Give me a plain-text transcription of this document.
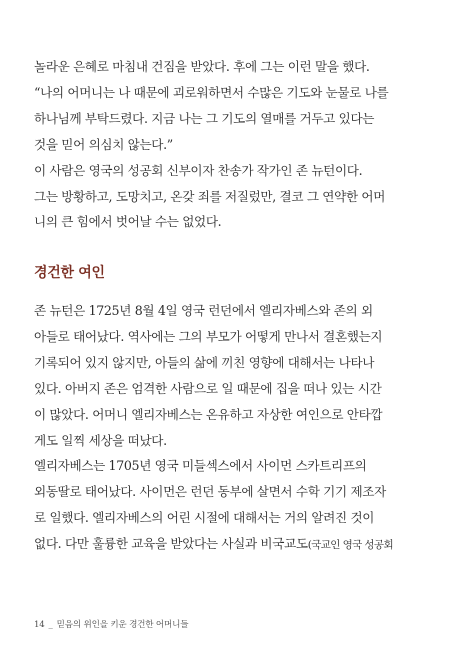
놀라운 은혜로 마침내 건짐을 받았다. 후에 그는 이런 말을 했다.
“나의 어머니는 나 때문에 괴로워하면서 수많은 기도와 눈물로 나를
하나님께 부탁드렸다. 지금 나는 그 기도의 열매를 거두고 있다는
것을 믿어 의심치 않는다.”
이 사람은 영국의 성공회 신부이자 찬송가 작가인 존 뉴턴이다.
그는 방황하고, 도망치고, 온갖 죄를 저질렀만, 결코 그 연약한 어머
니의 큰 힘에서 벗어날 수는 없었다.
경건한 여인
존 뉴턴은 1725년 8월 4일 영국 런던에서 엘리자베스와 존의 외
아들로 태어났다. 역사에는 그의 부모가 어떻게 만나서 결혼했는지
기록되어 있지 않지만, 아들의 삶에 끼친 영향에 대해서는 나타나
있다. 아버지 존은 엄격한 사람으로 일 때문에 집을 떠나 있는 시간
이 많았다. 어머니 엘리자베스는 온유하고 자상한 여인으로 안타깝
게도 일찍 세상을 떠났다.
엘리자베스는 1705년 영국 미들섹스에서 사이먼 스카트리프의
외동딸로 태어났다. 사이먼은 런던 동부에 살면서 수학 기기 제조자
로 일했다. 엘리자베스의 어린 시절에 대해서는 거의 알려진 것이
없다. 다만 훌륭한 교육을 받았다는 사실과 비국교도(국교인 영국 성공회
14 _ 믿음의 위인을 키운 경건한 어머니들
